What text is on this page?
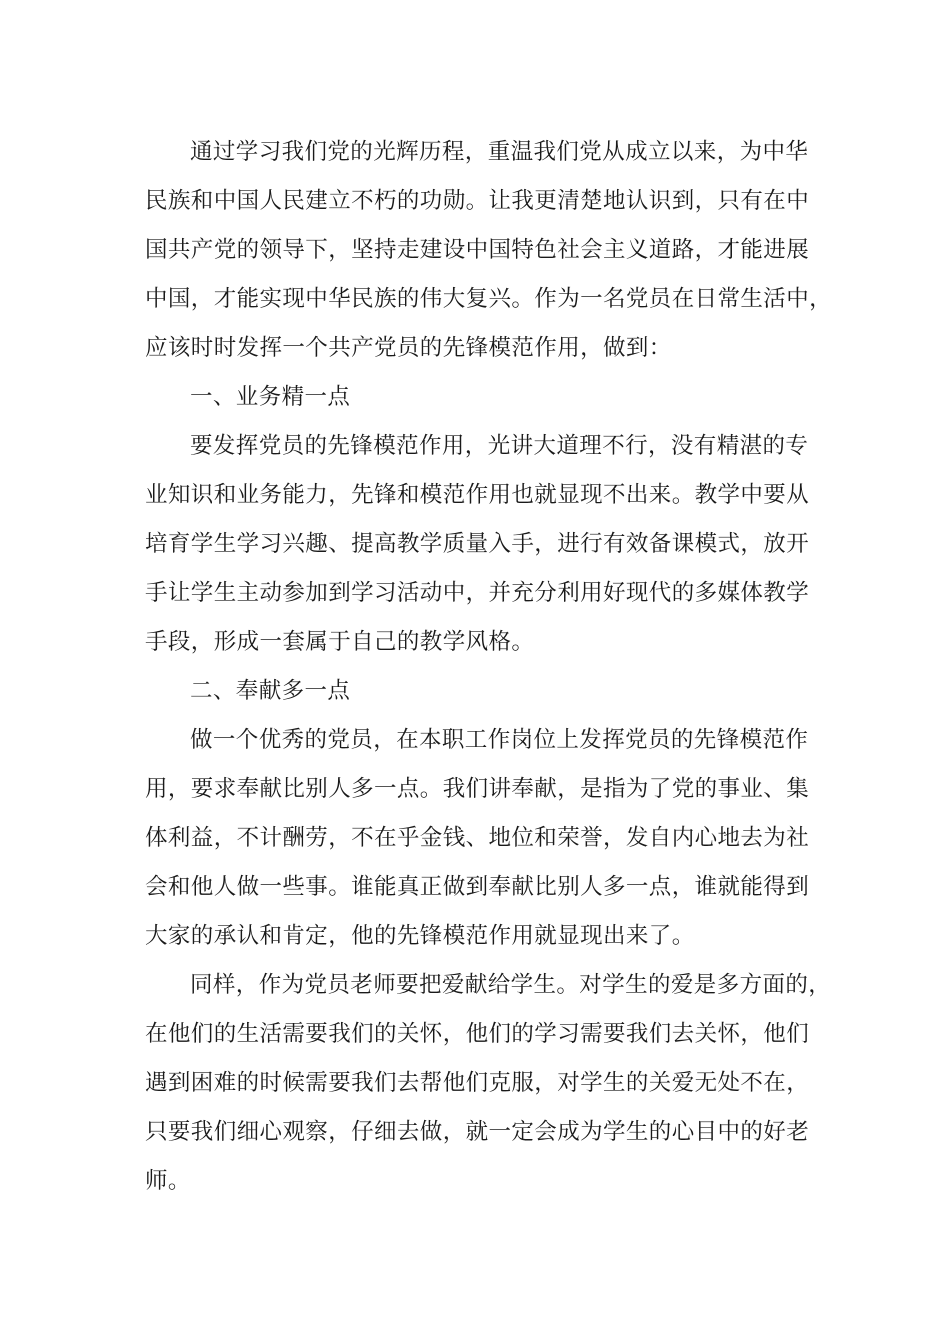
通过学习我们党的光辉历程，重温我们党从成立以来，为中华
民族和中国人民建立不朽的功勋。让我更清楚地认识到，只有在中
国共产党的领导下，坚持走建设中国特色社会主义道路，才能进展
中国，才能实现中华民族的伟大复兴。作为一名党员在日常生活中，
应该时时发挥一个共产党员的先锋模范作用，做到：

一、业务精一点

要发挥党员的先锋模范作用，光讲大道理不行，没有精湛的专
业知识和业务能力，先锋和模范作用也就显现不出来。教学中要从
培育学生学习兴趣、提高教学质量入手，进行有效备课模式，放开
手让学生主动参加到学习活动中，并充分利用好现代的多媒体教学
手段，形成一套属于自己的教学风格。

二、奉献多一点

做一个优秀的党员，在本职工作岗位上发挥党员的先锋模范作
用，要求奉献比别人多一点。我们讲奉献，是指为了党的事业、集
体利益，不计酬劳，不在乎金钱、地位和荣誉，发自内心地去为社
会和他人做一些事。谁能真正做到奉献比别人多一点，谁就能得到
大家的承认和肯定，他的先锋模范作用就显现出来了。

同样，作为党员老师要把爱献给学生。对学生的爱是多方面的，
在他们的生活需要我们的关怀，他们的学习需要我们去关怀，他们
遇到困难的时候需要我们去帮他们克服，对学生的关爱无处不在，
只要我们细心观察，仔细去做，就一定会成为学生的心目中的好老
师。
